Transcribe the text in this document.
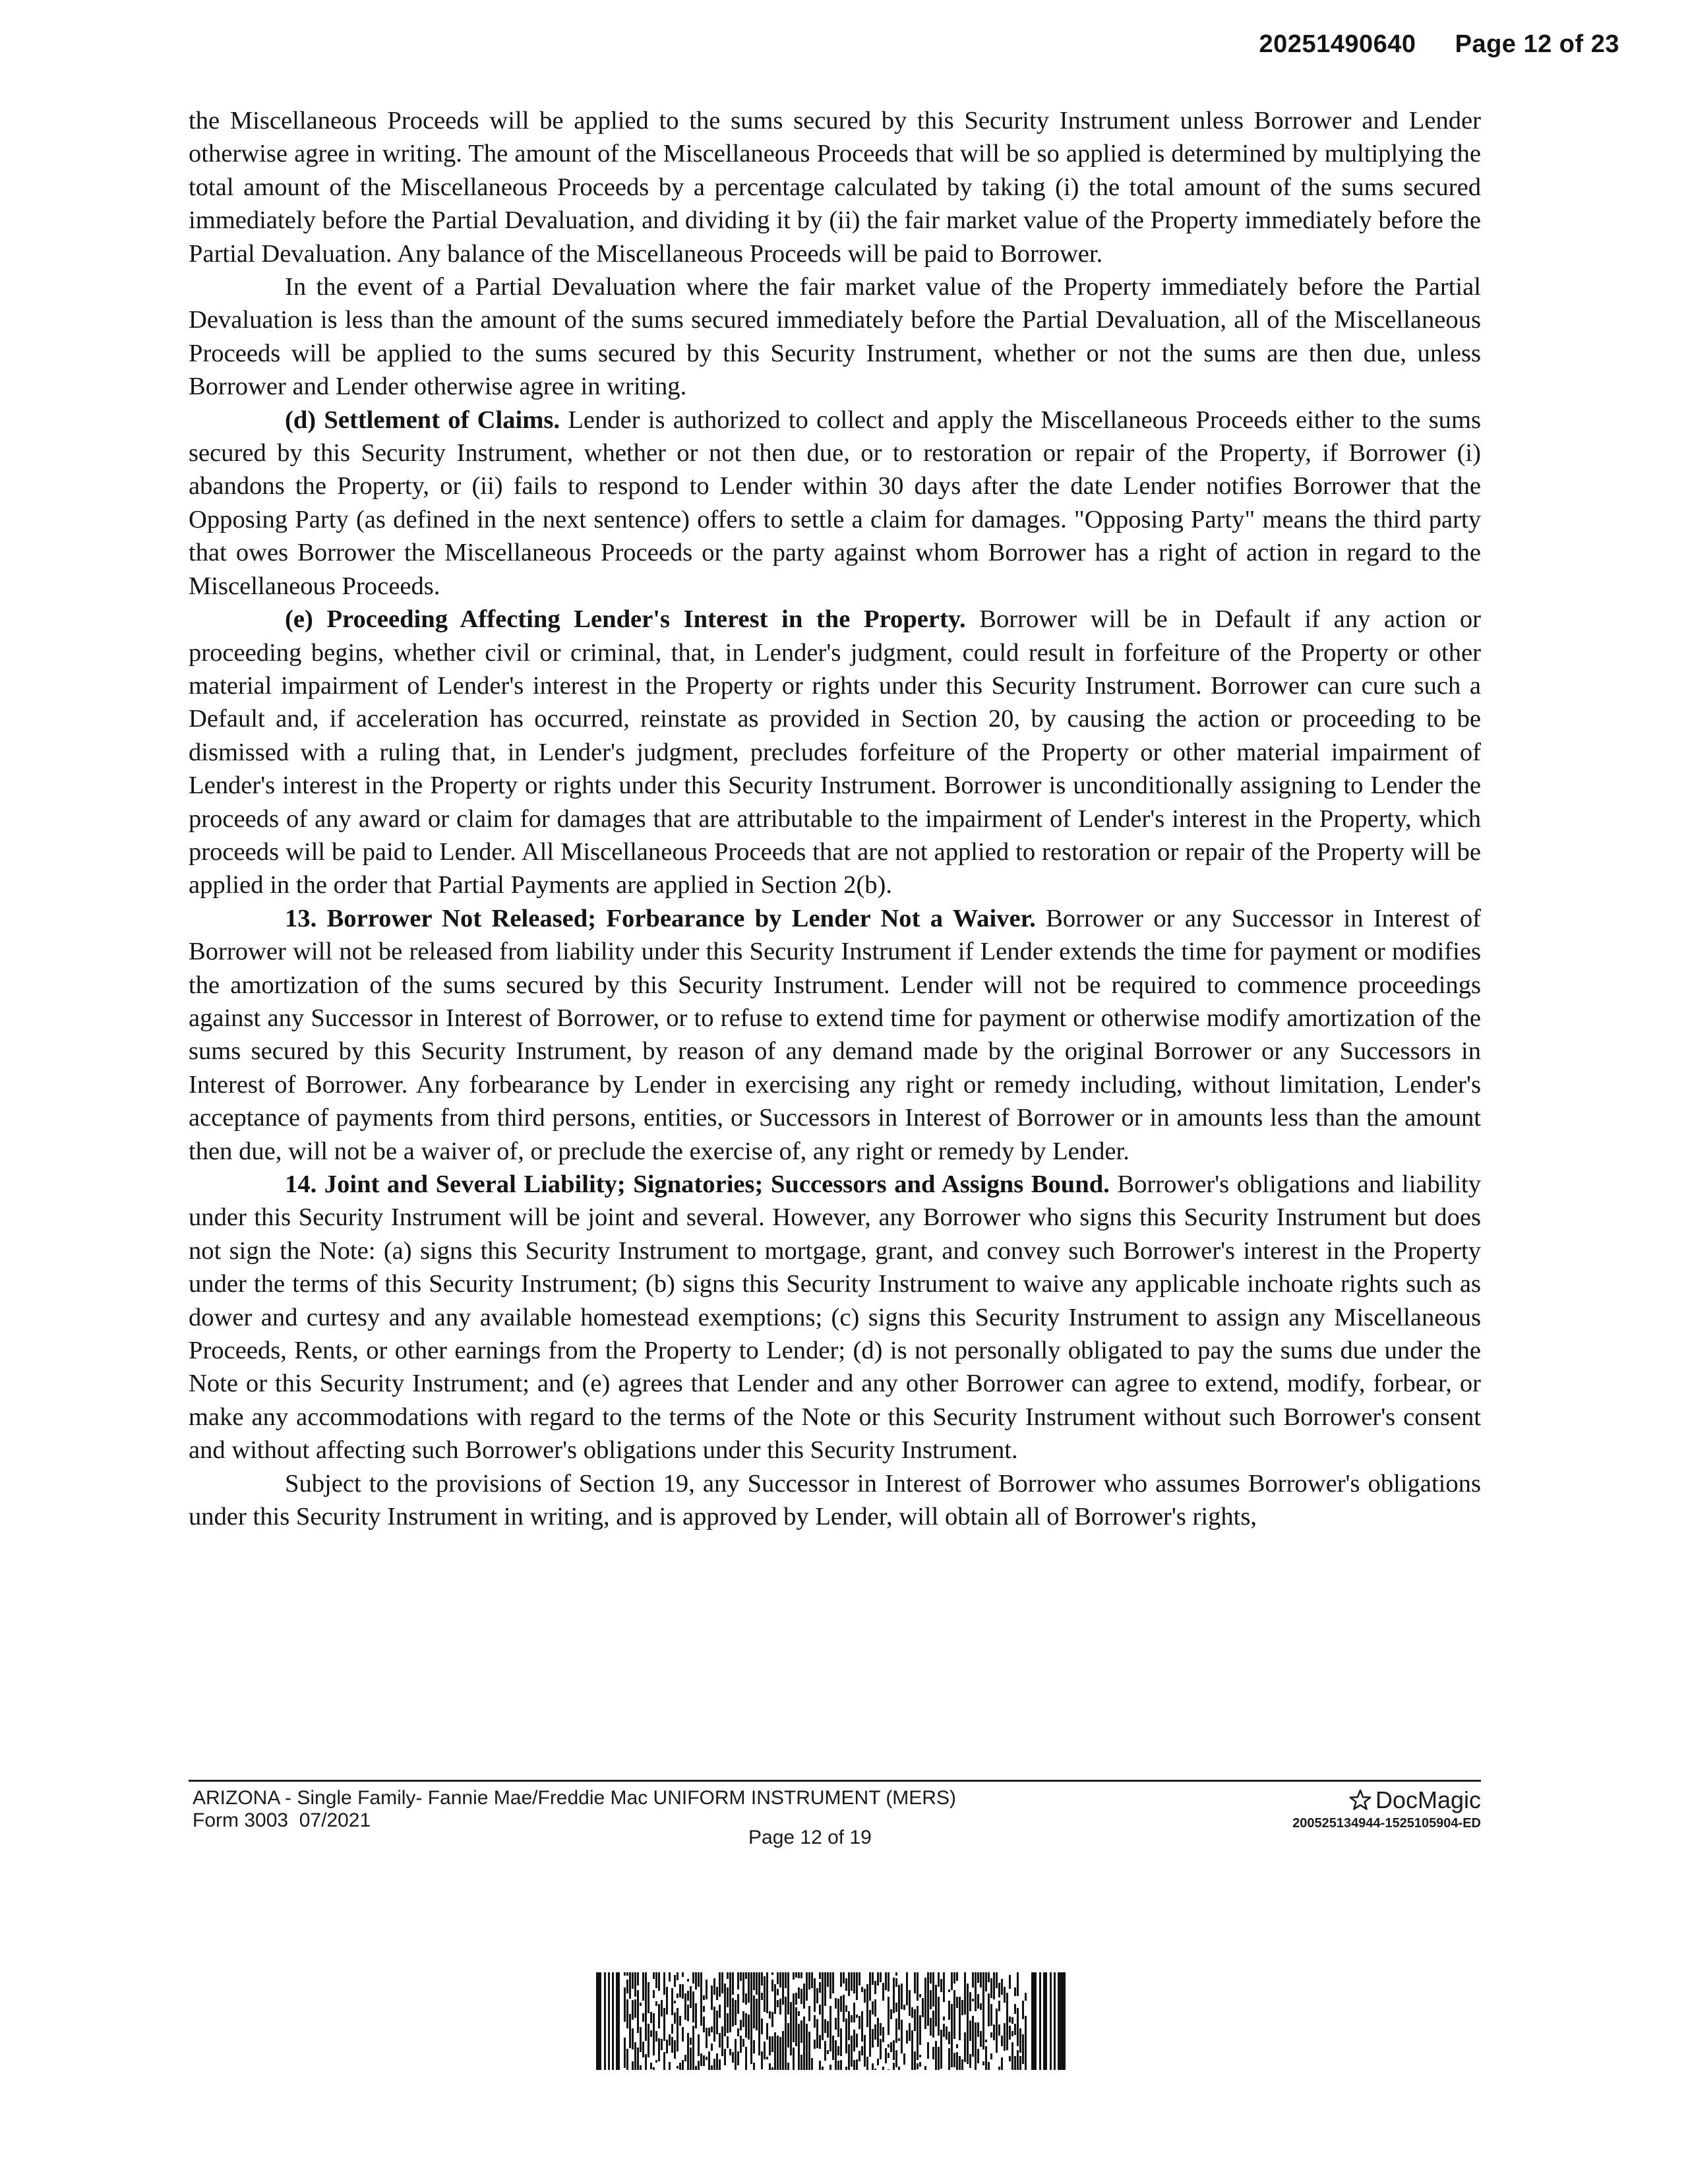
20251490640 Page 12 of 23

the Miscellaneous Proceeds will be applied to the sums secured by this Security Instrument unless Borrower and Lender otherwise agree in writing. The amount of the Miscellaneous Proceeds that will be so applied is determined by multiplying the total amount of the Miscellaneous Proceeds by a percentage calculated by taking (i) the total amount of the sums secured immediately before the Partial Devaluation, and dividing it by (ii) the fair market value of the Property immediately before the Partial Devaluation. Any balance of the Miscellaneous Proceeds will be paid to Borrower.

In the event of a Partial Devaluation where the fair market value of the Property immediately before the Partial Devaluation is less than the amount of the sums secured immediately before the Partial Devaluation, all of the Miscellaneous Proceeds will be applied to the sums secured by this Security Instrument, whether or not the sums are then due, unless Borrower and Lender otherwise agree in writing.

(d) Settlement of Claims. Lender is authorized to collect and apply the Miscellaneous Proceeds either to the sums secured by this Security Instrument, whether or not then due, or to restoration or repair of the Property, if Borrower (i) abandons the Property, or (ii) fails to respond to Lender within 30 days after the date Lender notifies Borrower that the Opposing Party (as defined in the next sentence) offers to settle a claim for damages. "Opposing Party" means the third party that owes Borrower the Miscellaneous Proceeds or the party against whom Borrower has a right of action in regard to the Miscellaneous Proceeds.

(e) Proceeding Affecting Lender's Interest in the Property. Borrower will be in Default if any action or proceeding begins, whether civil or criminal, that, in Lender's judgment, could result in forfeiture of the Property or other material impairment of Lender's interest in the Property or rights under this Security Instrument. Borrower can cure such a Default and, if acceleration has occurred, reinstate as provided in Section 20, by causing the action or proceeding to be dismissed with a ruling that, in Lender's judgment, precludes forfeiture of the Property or other material impairment of Lender's interest in the Property or rights under this Security Instrument. Borrower is unconditionally assigning to Lender the proceeds of any award or claim for damages that are attributable to the impairment of Lender's interest in the Property, which proceeds will be paid to Lender. All Miscellaneous Proceeds that are not applied to restoration or repair of the Property will be applied in the order that Partial Payments are applied in Section 2(b).

13. Borrower Not Released; Forbearance by Lender Not a Waiver. Borrower or any Successor in Interest of Borrower will not be released from liability under this Security Instrument if Lender extends the time for payment or modifies the amortization of the sums secured by this Security Instrument. Lender will not be required to commence proceedings against any Successor in Interest of Borrower, or to refuse to extend time for payment or otherwise modify amortization of the sums secured by this Security Instrument, by reason of any demand made by the original Borrower or any Successors in Interest of Borrower. Any forbearance by Lender in exercising any right or remedy including, without limitation, Lender's acceptance of payments from third persons, entities, or Successors in Interest of Borrower or in amounts less than the amount then due, will not be a waiver of, or preclude the exercise of, any right or remedy by Lender.

14. Joint and Several Liability; Signatories; Successors and Assigns Bound. Borrower's obligations and liability under this Security Instrument will be joint and several. However, any Borrower who signs this Security Instrument but does not sign the Note: (a) signs this Security Instrument to mortgage, grant, and convey such Borrower's interest in the Property under the terms of this Security Instrument; (b) signs this Security Instrument to waive any applicable inchoate rights such as dower and curtesy and any available homestead exemptions; (c) signs this Security Instrument to assign any Miscellaneous Proceeds, Rents, or other earnings from the Property to Lender; (d) is not personally obligated to pay the sums due under the Note or this Security Instrument; and (e) agrees that Lender and any other Borrower can agree to extend, modify, forbear, or make any accommodations with regard to the terms of the Note or this Security Instrument without such Borrower's consent and without affecting such Borrower's obligations under this Security Instrument.

Subject to the provisions of Section 19, any Successor in Interest of Borrower who assumes Borrower's obligations under this Security Instrument in writing, and is approved by Lender, will obtain all of Borrower's rights,

ARIZONA - Single Family- Fannie Mae/Freddie Mac UNIFORM INSTRUMENT (MERS)
Form 3003  07/2021
Page 12 of 19
DocMagic
200525134944-1525105904-ED
